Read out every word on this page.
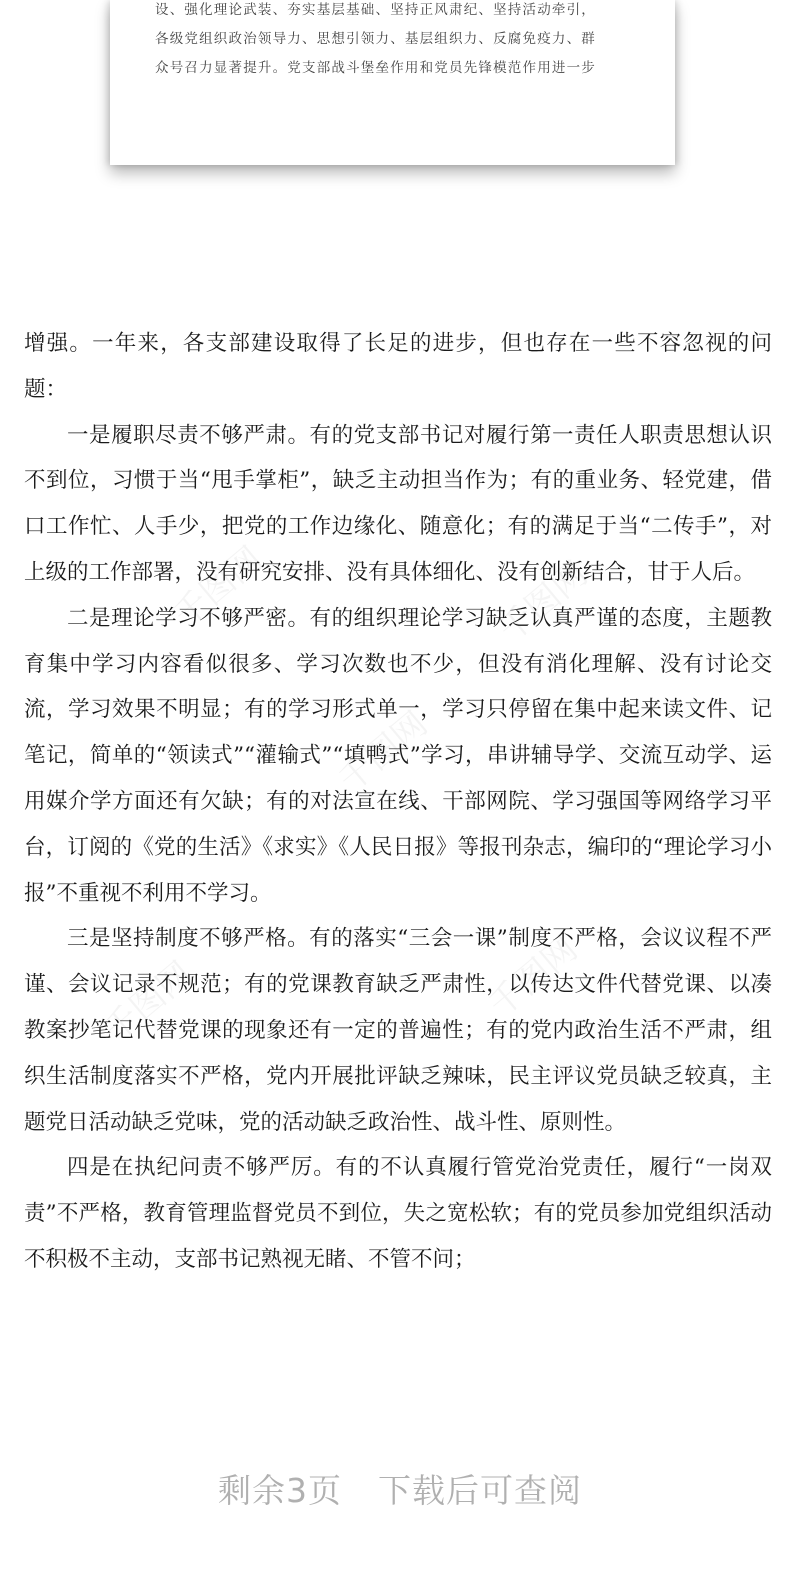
设、强化理论武装、夯实基层基础、坚持正风肃纪、坚持活动牵引，
各级党组织政治领导力、思想引领力、基层组织力、反腐免疫力、群
众号召力显著提升。党支部战斗堡垒作用和党员先锋模范作用进一步
千图网	千图网
千图网
千图网	千图网

增强。一年来，各支部建设取得了长足的进步，但也存在一些不容忽视的问题：

一是履职尽责不够严肃。有的党支部书记对履行第一责任人职责思想认识不到位，习惯于当“甩手掌柜”，缺乏主动担当作为；有的重业务、轻党建，借口工作忙、人手少，把党的工作边缘化、随意化；有的满足于当“二传手”，对上级的工作部署，没有研究安排、没有具体细化、没有创新结合，甘于人后。

二是理论学习不够严密。有的组织理论学习缺乏认真严谨的态度，主题教育集中学习内容看似很多、学习次数也不少，但没有消化理解、没有讨论交流，学习效果不明显；有的学习形式单一，学习只停留在集中起来读文件、记笔记，简单的“领读式”“灌输式”“填鸭式”学习，串讲辅导学、交流互动学、运用媒介学方面还有欠缺；有的对法宣在线、干部网院、学习强国等网络学习平台，订阅的《党的生活》《求实》《人民日报》等报刊杂志，编印的“理论学习小报”不重视不利用不学习。

三是坚持制度不够严格。有的落实“三会一课”制度不严格，会议议程不严谨、会议记录不规范；有的党课教育缺乏严肃性，以传达文件代替党课、以凑教案抄笔记代替党课的现象还有一定的普遍性；有的党内政治生活不严肃，组织生活制度落实不严格，党内开展批评缺乏辣味，民主评议党员缺乏较真，主题党日活动缺乏党味，党的活动缺乏政治性、战斗性、原则性。

四是在执纪问责不够严厉。有的不认真履行管党治党责任，履行“一岗双责”不严格，教育管理监督党员不到位，失之宽松软；有的党员参加党组织活动不积极不主动，支部书记熟视无睹、不管不问；

剩余3页 下载后可查阅
